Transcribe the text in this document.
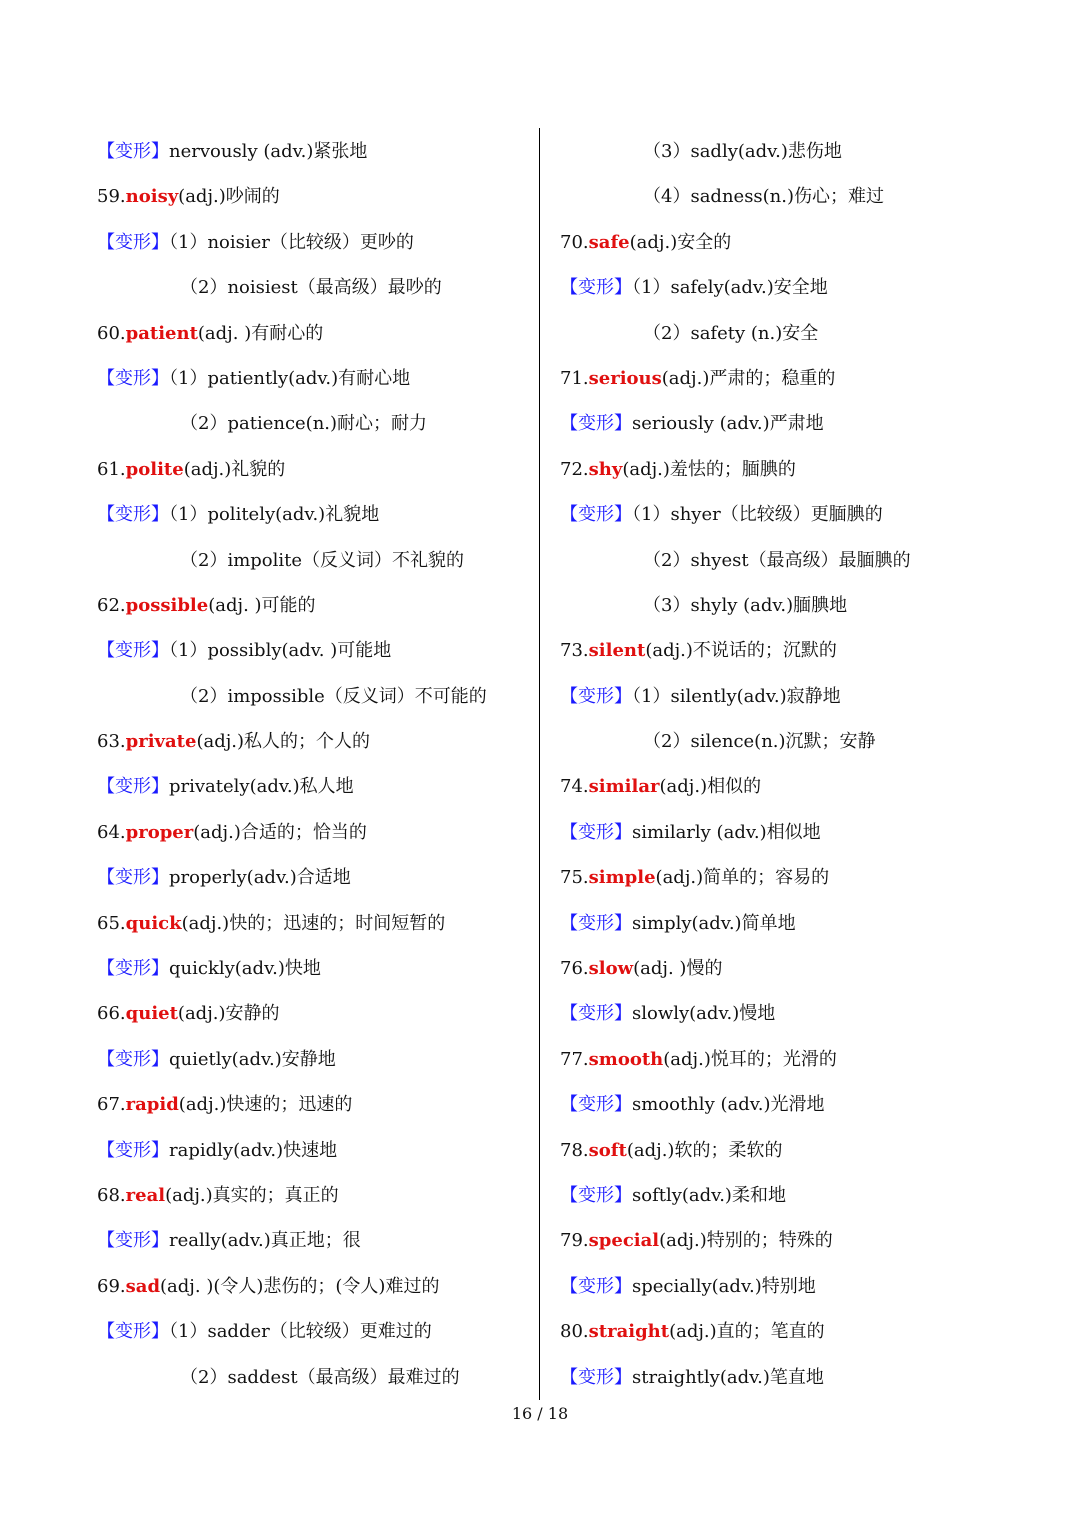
【变形】nervously (adv.)紧张地
59.noisy(adj.)吵闹的
【变形】（1）noisier（比较级）更吵的
（2）noisiest（最高级）最吵的
60.patient(adj. )有耐心的
【变形】（1）patiently(adv.)有耐心地
（2）patience(n.)耐心；耐力
61.polite(adj.)礼貌的
【变形】（1）politely(adv.)礼貌地
（2）impolite（反义词）不礼貌的
62.possible(adj. )可能的
【变形】（1）possibly(adv. )可能地
（2）impossible（反义词）不可能的
63.private(adj.)私人的；个人的
【变形】privately(adv.)私人地
64.proper(adj.)合适的；恰当的
【变形】properly(adv.)合适地
65.quick(adj.)快的；迅速的；时间短暂的
【变形】quickly(adv.)快地
66.quiet(adj.)安静的
【变形】quietly(adv.)安静地
67.rapid(adj.)快速的；迅速的
【变形】rapidly(adv.)快速地
68.real(adj.)真实的；真正的
【变形】really(adv.)真正地；很
69.sad(adj. )(令人)悲伤的；(令人)难过的
【变形】（1）sadder（比较级）更难过的
（2）saddest（最高级）最难过的
（3）sadly(adv.)悲伤地
（4）sadness(n.)伤心；难过
70.safe(adj.)安全的
【变形】（1）safely(adv.)安全地
（2）safety (n.)安全
71.serious(adj.)严肃的；稳重的
【变形】seriously (adv.)严肃地
72.shy(adj.)羞怯的；腼腆的
【变形】（1）shyer（比较级）更腼腆的
（2）shyest（最高级）最腼腆的
（3）shyly (adv.)腼腆地
73.silent(adj.)不说话的；沉默的
【变形】（1）silently(adv.)寂静地
（2）silence(n.)沉默；安静
74.similar(adj.)相似的
【变形】similarly (adv.)相似地
75.simple(adj.)简单的；容易的
【变形】simply(adv.)简单地
76.slow(adj. )慢的
【变形】slowly(adv.)慢地
77.smooth(adj.)悦耳的；光滑的
【变形】smoothly (adv.)光滑地
78.soft(adj.)软的；柔软的
【变形】softly(adv.)柔和地
79.special(adj.)特别的；特殊的
【变形】specially(adv.)特别地
80.straight(adj.)直的；笔直的
【变形】straightly(adv.)笔直地
16 / 18
